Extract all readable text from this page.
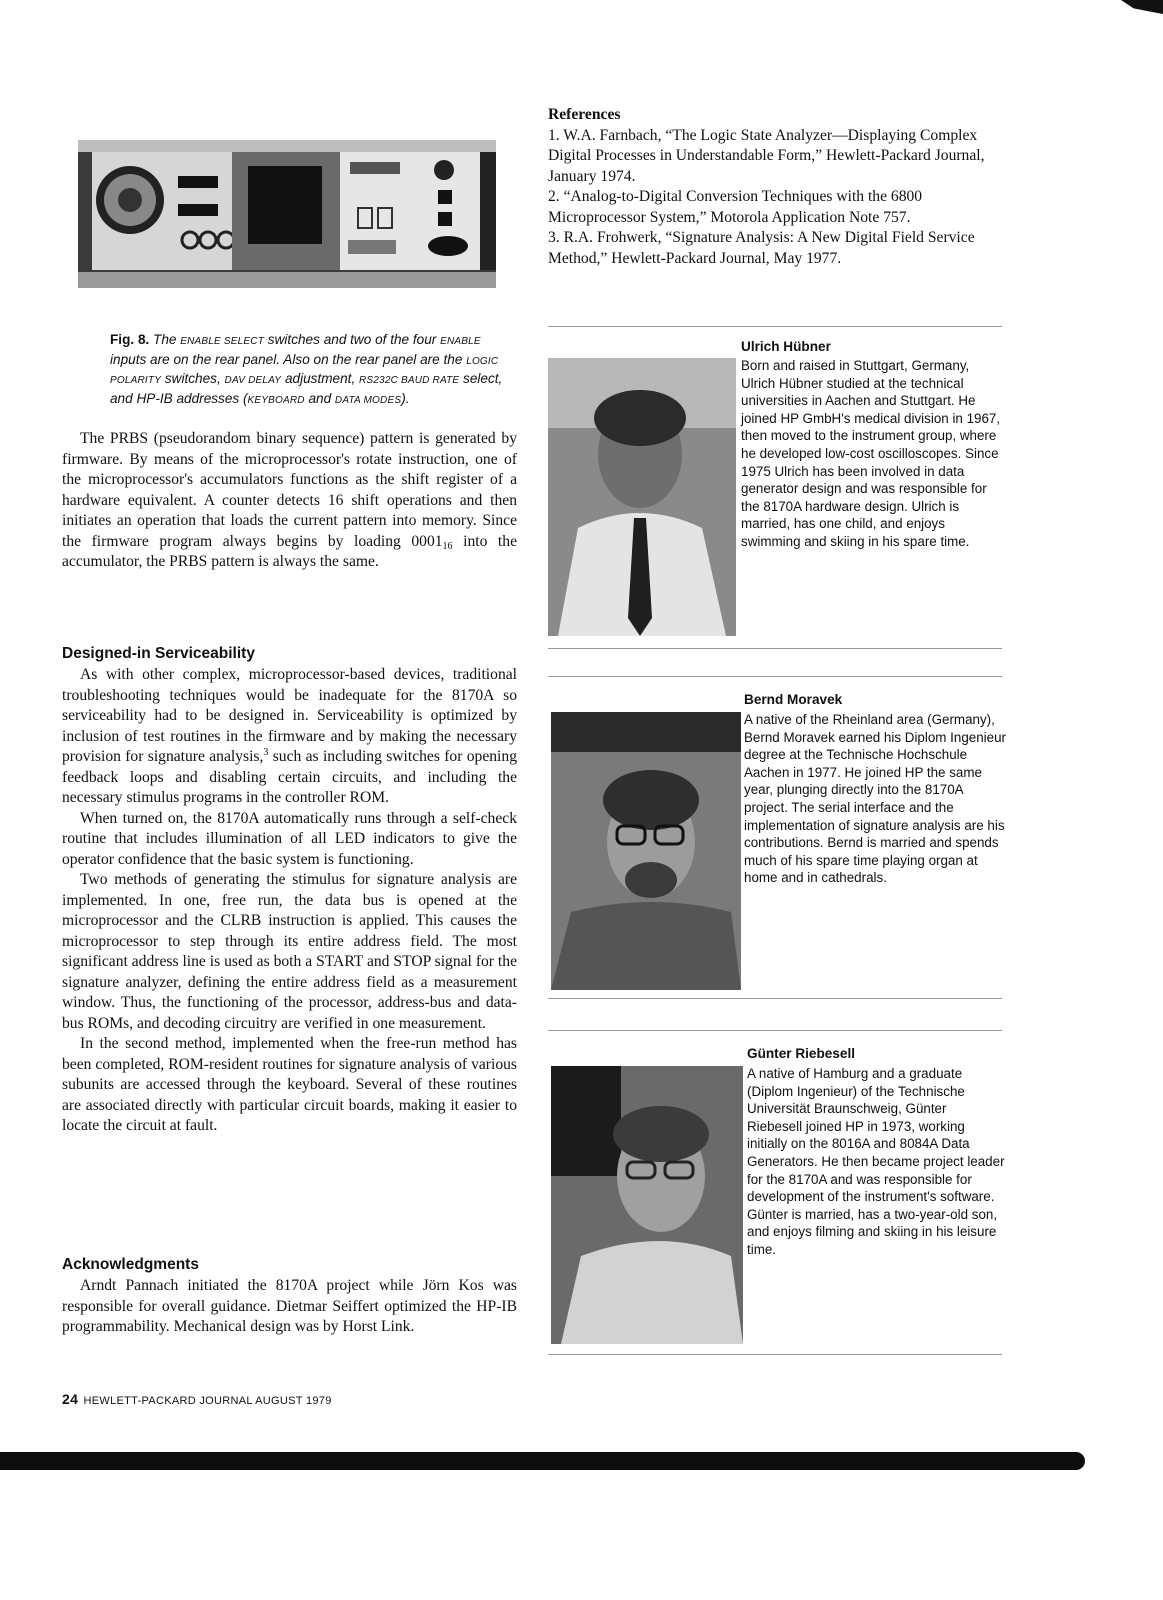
Fig. 8. The ENABLE SELECT switches and two of the four ENABLE inputs are on the rear panel. Also on the rear panel are the LOGIC POLARITY switches, DAV DELAY adjustment, RS232C BAUD RATE select, and HP-IB addresses (KEYBOARD and DATA MODES).

The PRBS (pseudorandom binary sequence) pattern is generated by firmware. By means of the microprocessor's rotate instruction, one of the microprocessor's accumulators functions as the shift register of a hardware equivalent. A counter detects 16 shift operations and then initiates an operation that loads the current pattern into memory. Since the firmware program always begins by loading $0001_{16}$ into the accumulator, the PRBS pattern is always the same.

Designed-in Serviceability

As with other complex, microprocessor-based devices, traditional troubleshooting techniques would be inadequate for the 8170A so serviceability had to be designed in. Serviceability is optimized by inclusion of test routines in the firmware and by making the necessary provision for signature analysis,$^3$ such as including switches for opening feedback loops and disabling certain circuits, and including the necessary stimulus programs in the controller ROM.

When turned on, the 8170A automatically runs through a self-check routine that includes illumination of all LED indicators to give the operator confidence that the basic system is functioning.

Two methods of generating the stimulus for signature analysis are implemented. In one, free run, the data bus is opened at the microprocessor and the CLRB instruction is applied. This causes the microprocessor to step through its entire address field. The most significant address line is used as both a START and STOP signal for the signature analyzer, defining the entire address field as a measurement window. Thus, the functioning of the processor, address-bus and data-bus ROMs, and decoding circuitry are verified in one measurement.

In the second method, implemented when the free-run method has been completed, ROM-resident routines for signature analysis of various subunits are accessed through the keyboard. Several of these routines are associated directly with particular circuit boards, making it easier to locate the circuit at fault.

Acknowledgments

Arndt Pannach initiated the 8170A project while Jörn Kos was responsible for overall guidance. Dietmar Seiffert optimized the HP-IB programmability. Mechanical design was by Horst Link.

References
1. W.A. Farnbach, “The Logic State Analyzer—Displaying Complex Digital Processes in Understandable Form,” Hewlett-Packard Journal, January 1974.
2. “Analog-to-Digital Conversion Techniques with the 6800 Microprocessor System,” Motorola Application Note 757.
3. R.A. Frohwerk, “Signature Analysis: A New Digital Field Service Method,” Hewlett-Packard Journal, May 1977.
Ulrich Hübner
Born and raised in Stuttgart, Germany, Ulrich Hübner studied at the technical universities in Aachen and Stuttgart. He joined HP GmbH's medical division in 1967, then moved to the instrument group, where he developed low-cost oscilloscopes. Since 1975 Ulrich has been involved in data generator design and was responsible for the 8170A hardware design. Ulrich is married, has one child, and enjoys swimming and skiing in his spare time.
Bernd Moravek
A native of the Rheinland area (Germany), Bernd Moravek earned his Diplom Ingenieur degree at the Technische Hochschule Aachen in 1977. He joined HP the same year, plunging directly into the 8170A project. The serial interface and the implementation of signature analysis are his contributions. Bernd is married and spends much of his spare time playing organ at home and in cathedrals.
Günter Riebesell
A native of Hamburg and a graduate (Diplom Ingenieur) of the Technische Universität Braunschweig, Günter Riebesell joined HP in 1973, working initially on the 8016A and 8084A Data Generators. He then became project leader for the 8170A and was responsible for development of the instrument's software. Günter is married, has a two-year-old son, and enjoys filming and skiing in his leisure time.
24 HEWLETT-PACKARD JOURNAL AUGUST 1979
